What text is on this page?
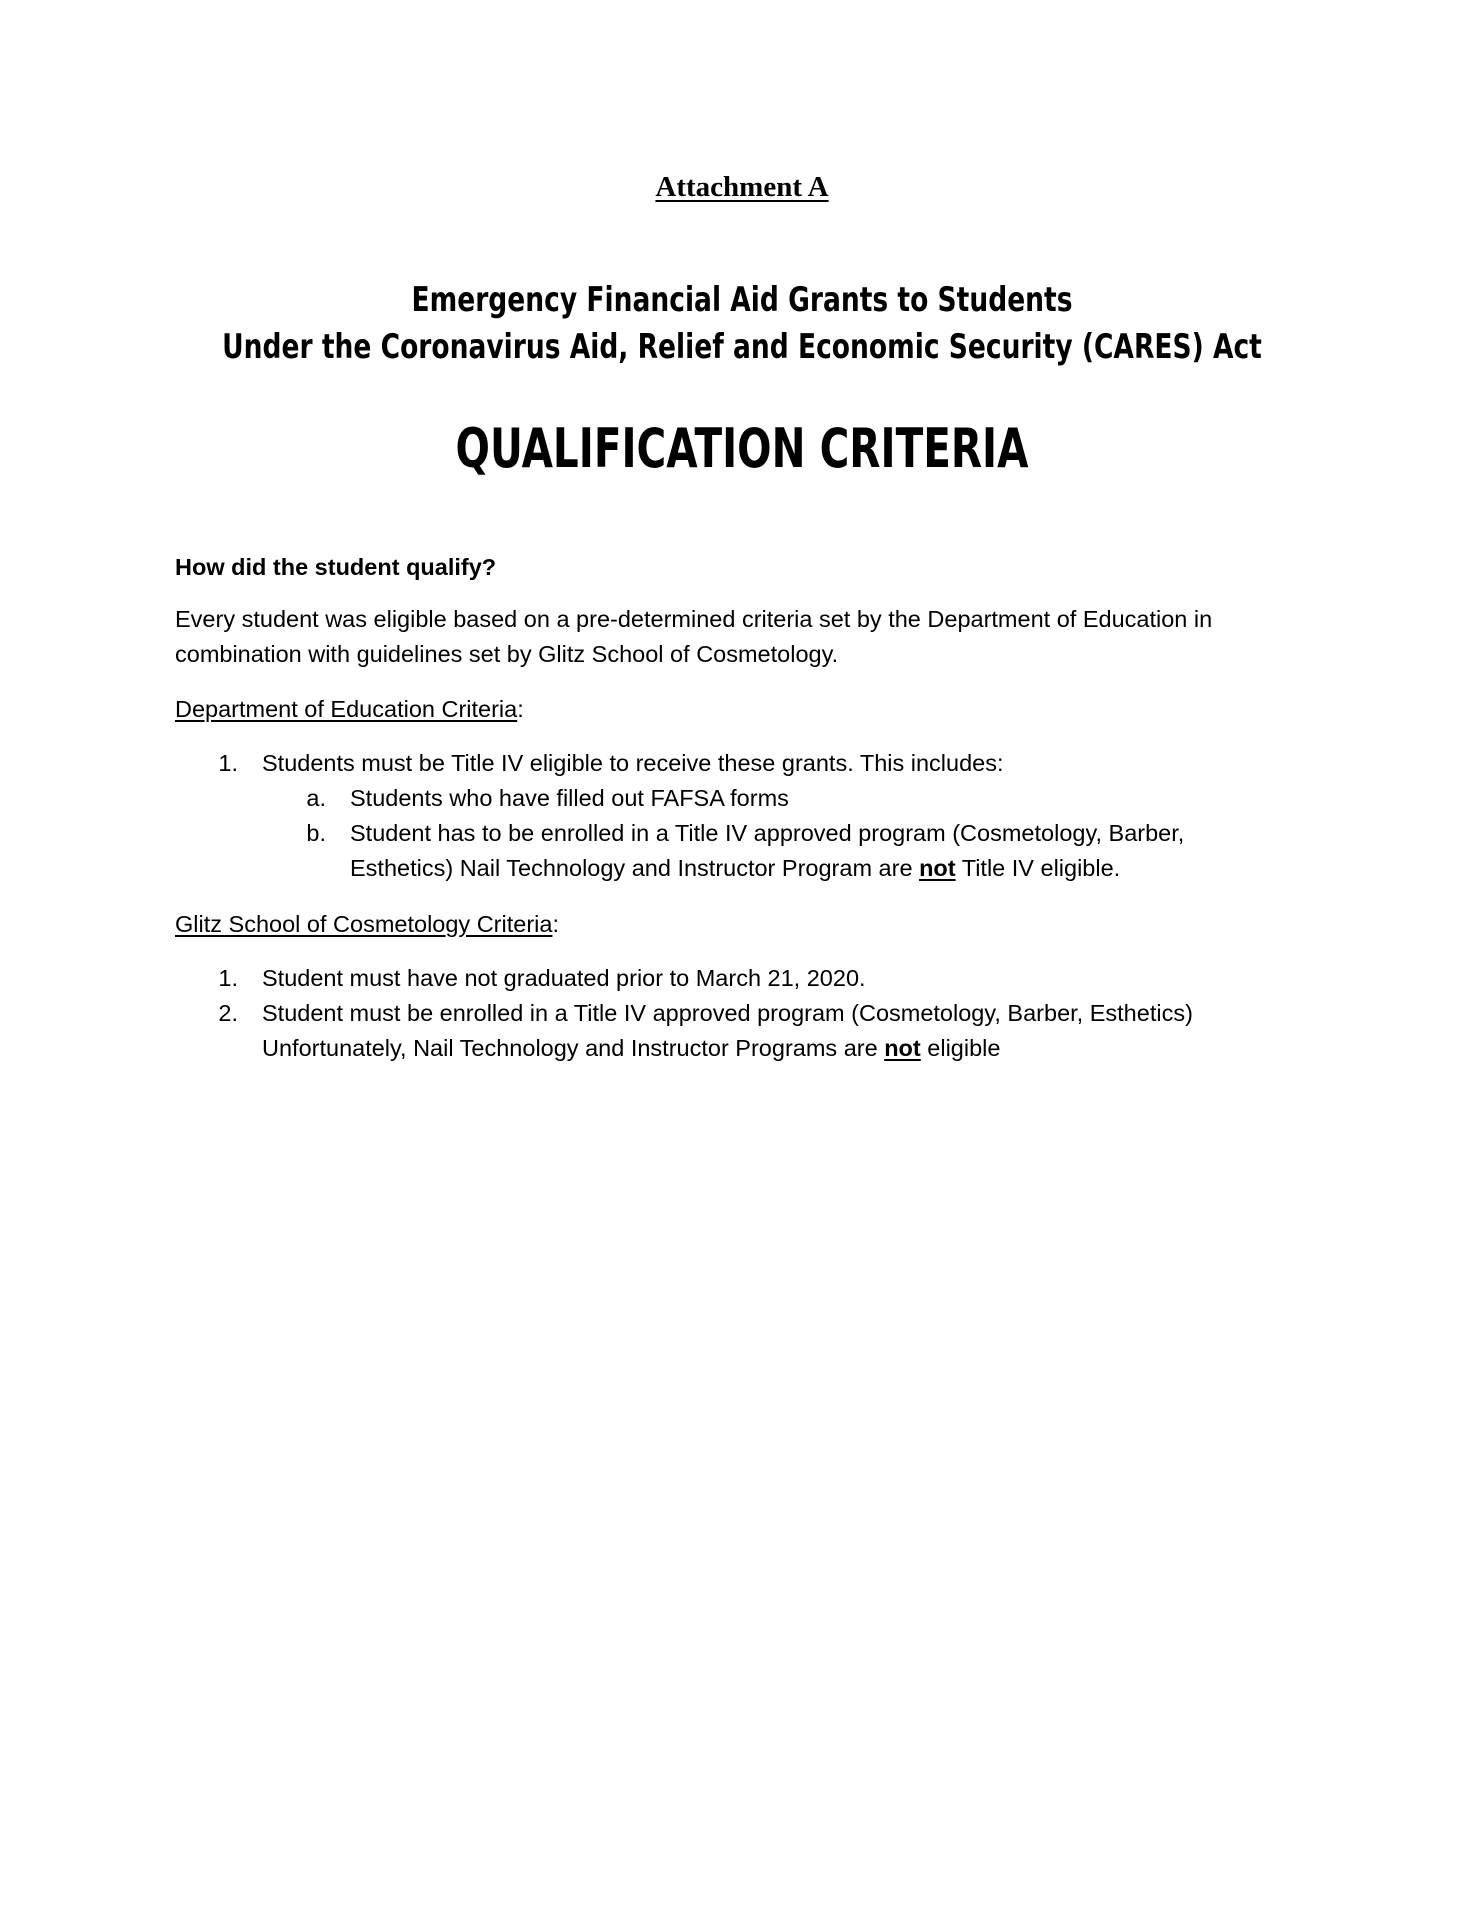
Attachment A
Emergency Financial Aid Grants to Students
Under the Coronavirus Aid, Relief and Economic Security (CARES) Act
QUALIFICATION CRITERIA
How did the student qualify?
Every student was eligible based on a pre-determined criteria set by the Department of Education in
combination with guidelines set by Glitz School of Cosmetology.
Department of Education Criteria:
1. Students must be Title IV eligible to receive these grants. This includes:
a. Students who have filled out FAFSA forms
b. Student has to be enrolled in a Title IV approved program (Cosmetology, Barber,
Esthetics) Nail Technology and Instructor Program are not Title IV eligible.
Glitz School of Cosmetology Criteria:
1. Student must have not graduated prior to March 21, 2020.
2. Student must be enrolled in a Title IV approved program (Cosmetology, Barber, Esthetics)
Unfortunately, Nail Technology and Instructor Programs are not eligible
